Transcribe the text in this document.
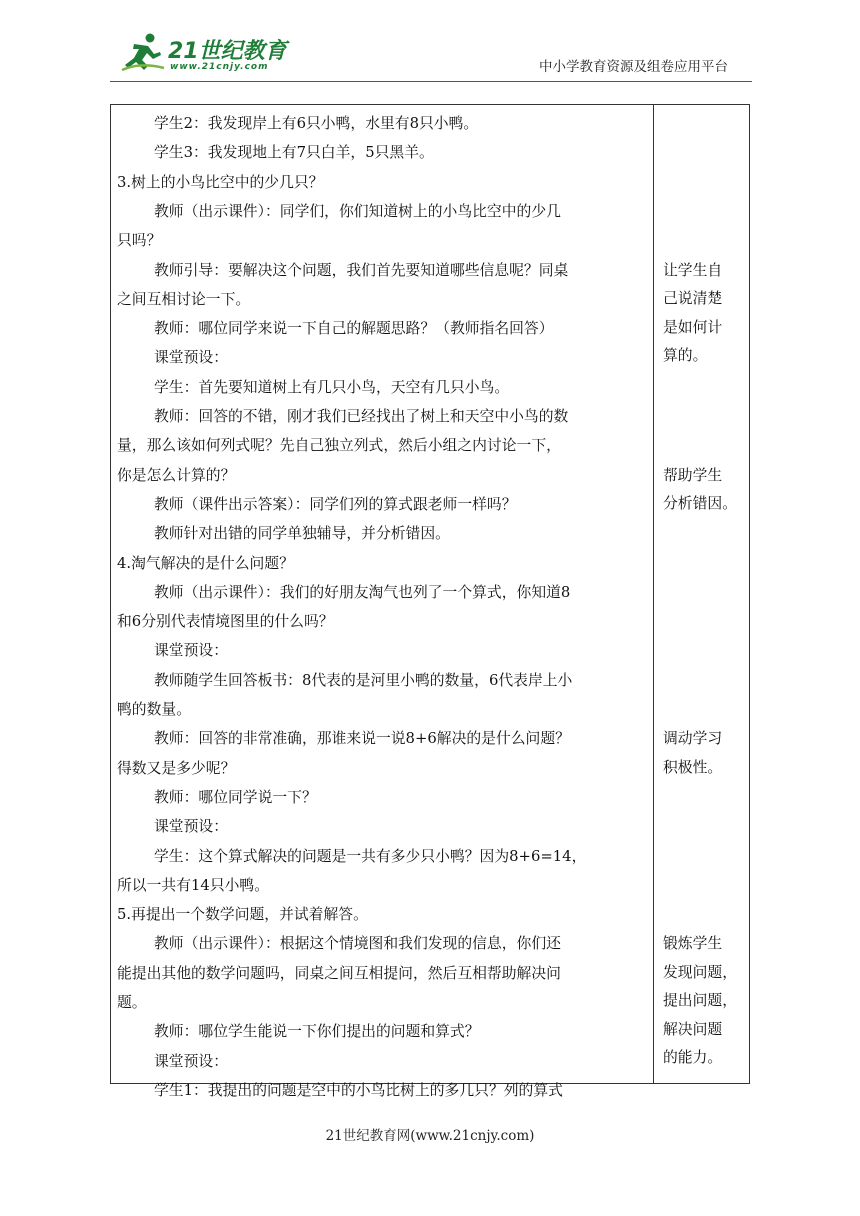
21世纪教育
www.21cnjy.com	中小学教育资源及组卷应用平台
学生2：我发现岸上有6只小鸭，水里有8只小鸭。
学生3：我发现地上有7只白羊，5只黑羊。
3.树上的小鸟比空中的少几只？
教师（出示课件）：同学们，你们知道树上的小鸟比空中的少几
只吗？
教师引导：要解决这个问题，我们首先要知道哪些信息呢？同桌
之间互相讨论一下。
教师：哪位同学来说一下自己的解题思路？（教师指名回答）
课堂预设：
学生：首先要知道树上有几只小鸟，天空有几只小鸟。
教师：回答的不错，刚才我们已经找出了树上和天空中小鸟的数
量，那么该如何列式呢？先自己独立列式，然后小组之内讨论一下，
你是怎么计算的？
教师（课件出示答案）：同学们列的算式跟老师一样吗？
教师针对出错的同学单独辅导，并分析错因。
4.淘气解决的是什么问题？
教师（出示课件）：我们的好朋友淘气也列了一个算式，你知道8
和6分别代表情境图里的什么吗？
课堂预设：
教师随学生回答板书：8代表的是河里小鸭的数量，6代表岸上小
鸭的数量。
教师：回答的非常准确，那谁来说一说8+6解决的是什么问题？
得数又是多少呢？
教师：哪位同学说一下？
课堂预设：
学生：这个算式解决的问题是一共有多少只小鸭？因为8+6=14，
所以一共有14只小鸭。
5.再提出一个数学问题，并试着解答。
教师（出示课件）：根据这个情境图和我们发现的信息，你们还
能提出其他的数学问题吗，同桌之间互相提问，然后互相帮助解决问
题。
教师：哪位学生能说一下你们提出的问题和算式？
课堂预设：
学生1：我提出的问题是空中的小鸟比树上的多几只？列的算式
让学生自
己说清楚
是如何计
算的。
帮助学生
分析错因。
调动学习
积极性。
锻炼学生
发现问题，
提出问题，
解决问题
的能力。
21世纪教育网(www.21cnjy.com)
